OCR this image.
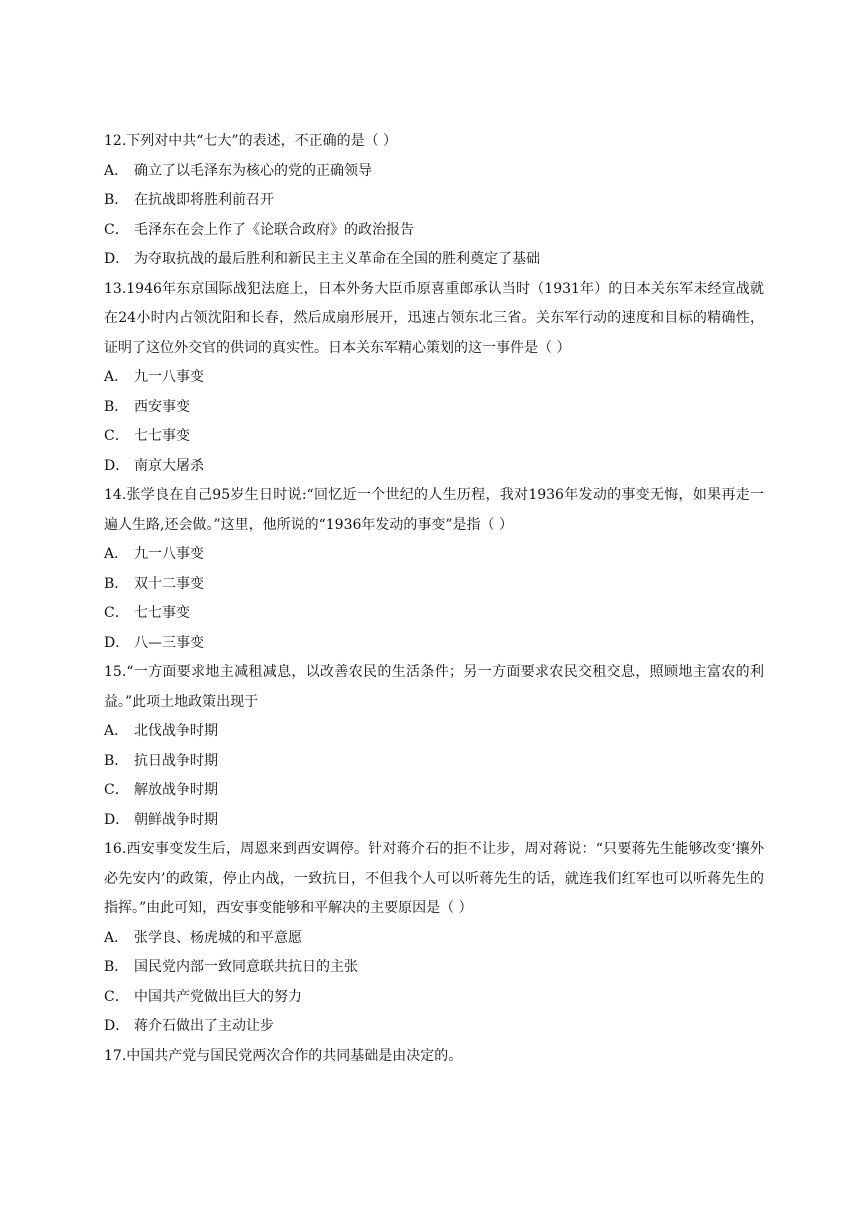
12.下列对中共“七大”的表述，不正确的是（ ）

A． 确立了以毛泽东为核心的党的正确领导

B． 在抗战即将胜利前召开

C． 毛泽东在会上作了《论联合政府》的政治报告

D． 为夺取抗战的最后胜利和新民主主义革命在全国的胜利奠定了基础

13.1946年东京国际战犯法庭上，日本外务大臣币原喜重郎承认当时（1931年）的日本关东军未经宣战就在24小时内占领沈阳和长春，然后成扇形展开，迅速占领东北三省。关东军行动的速度和目标的精确性，证明了这位外交官的供词的真实性。日本关东军精心策划的这一事件是（ ）

A． 九一八事变

B． 西安事变

C． 七七事变

D． 南京大屠杀

14.张学良在自己95岁生日时说:“回忆近一个世纪的人生历程，我对1936年发动的事变无悔，如果再走一遍人生路,还会做。”这里，他所说的“1936年发动的事变”是指（ ）

A． 九一八事变

B． 双十二事变

C． 七七事变

D． 八—三事变

15.“一方面要求地主减租减息，以改善农民的生活条件；另一方面要求农民交租交息，照顾地主富农的利益。”此项土地政策出现于

A． 北伐战争时期

B． 抗日战争时期

C． 解放战争时期

D． 朝鲜战争时期

16.西安事变发生后，周恩来到西安调停。针对蒋介石的拒不让步，周对蒋说：“只要蒋先生能够改变‘攘外必先安内’的政策，停止内战，一致抗日，不但我个人可以听蒋先生的话，就连我们红军也可以听蒋先生的指挥。”由此可知，西安事变能够和平解决的主要原因是（ ）

A． 张学良、杨虎城的和平意愿

B． 国民党内部一致同意联共抗日的主张

C． 中国共产党做出巨大的努力

D． 蒋介石做出了主动让步

17.中国共产党与国民党两次合作的共同基础是由决定的。
